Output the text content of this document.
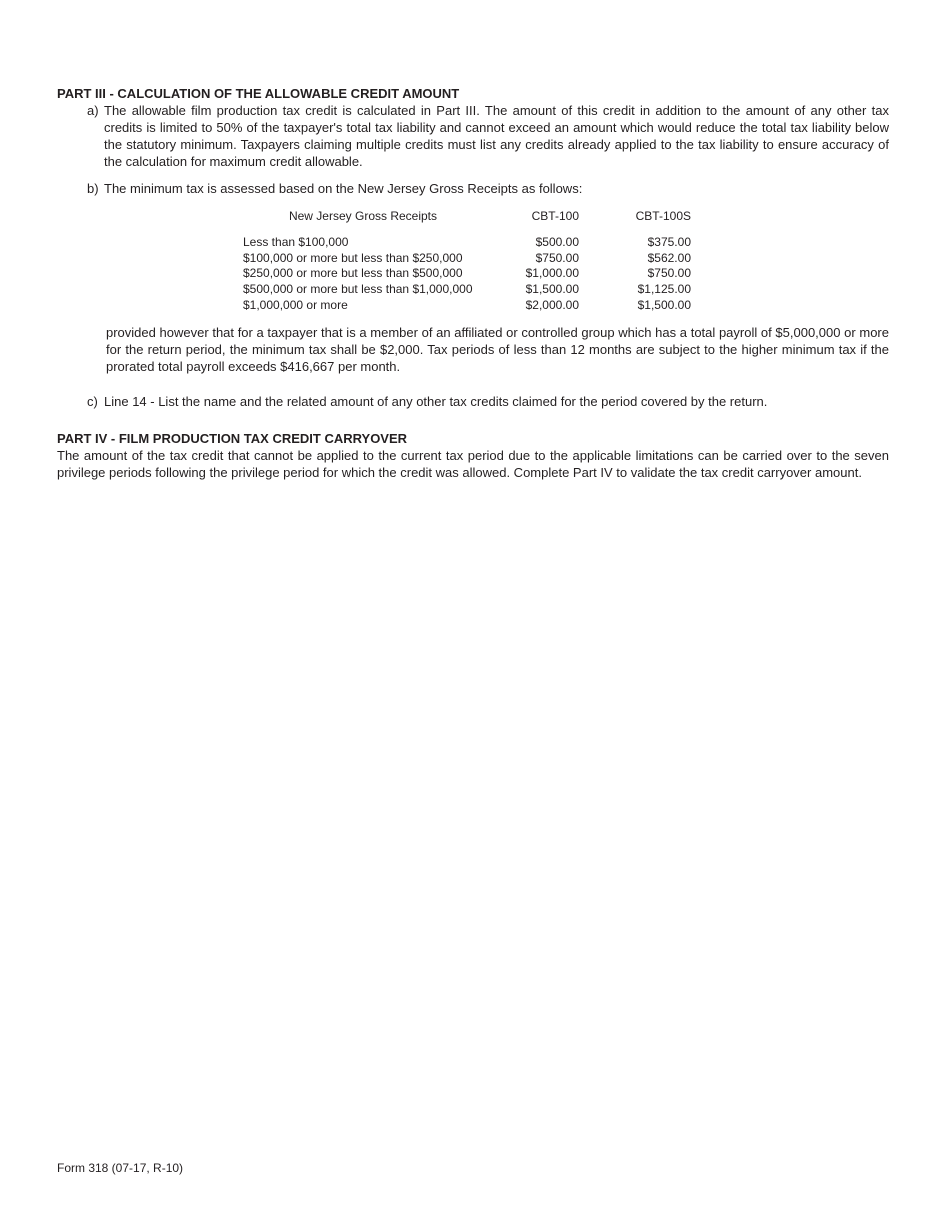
PART III - CALCULATION OF THE ALLOWABLE CREDIT AMOUNT
a) The allowable film production tax credit is calculated in Part III. The amount of this credit in addition to the amount of any other tax credits is limited to 50% of the taxpayer's total tax liability and cannot exceed an amount which would reduce the total tax liability below the statutory minimum. Taxpayers claiming multiple credits must list any credits already applied to the tax liability to ensure accuracy of the calculation for maximum credit allowable.

b) The minimum tax is assessed based on the New Jersey Gross Receipts as follows:

New Jersey Gross Receipts	CBT-100	CBT-100S
Less than $100,000	$500.00	$375.00
$100,000 or more but less than $250,000	$750.00	$562.00
$250,000 or more but less than $500,000	$1,000.00	$750.00
$500,000 or more but less than $1,000,000	$1,500.00	$1,125.00
$1,000,000 or more	$2,000.00	$1,500.00

provided however that for a taxpayer that is a member of an affiliated or controlled group which has a total payroll of $5,000,000 or more for the return period, the minimum tax shall be $2,000. Tax periods of less than 12 months are subject to the higher minimum tax if the prorated total payroll exceeds $416,667 per month.

c) Line 14 - List the name and the related amount of any other tax credits claimed for the period covered by the return.

PART IV - FILM PRODUCTION TAX CREDIT CARRYOVER

The amount of the tax credit that cannot be applied to the current tax period due to the applicable limitations can be carried over to the seven privilege periods following the privilege period for which the credit was allowed. Complete Part IV to validate the tax credit carryover amount.

Form 318 (07-17, R-10)
